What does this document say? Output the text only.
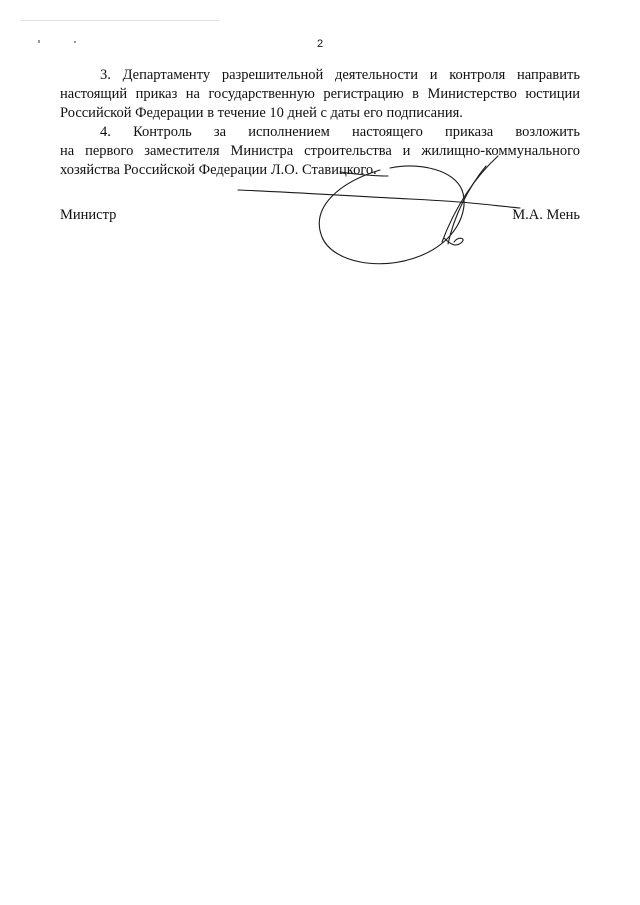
2

3. Департаменту разрешительной деятельности и контроля направить
настоящий приказ на государственную регистрацию в Министерство юстиции
Российской Федерации в течение 10 дней с даты его подписания.

4. Контроль за исполнением настоящего приказа возложить
на первого заместителя Министра строительства и жилищно-коммунального
хозяйства Российской Федерации Л.О. Ставицкого.

Министр	М.А. Мень
